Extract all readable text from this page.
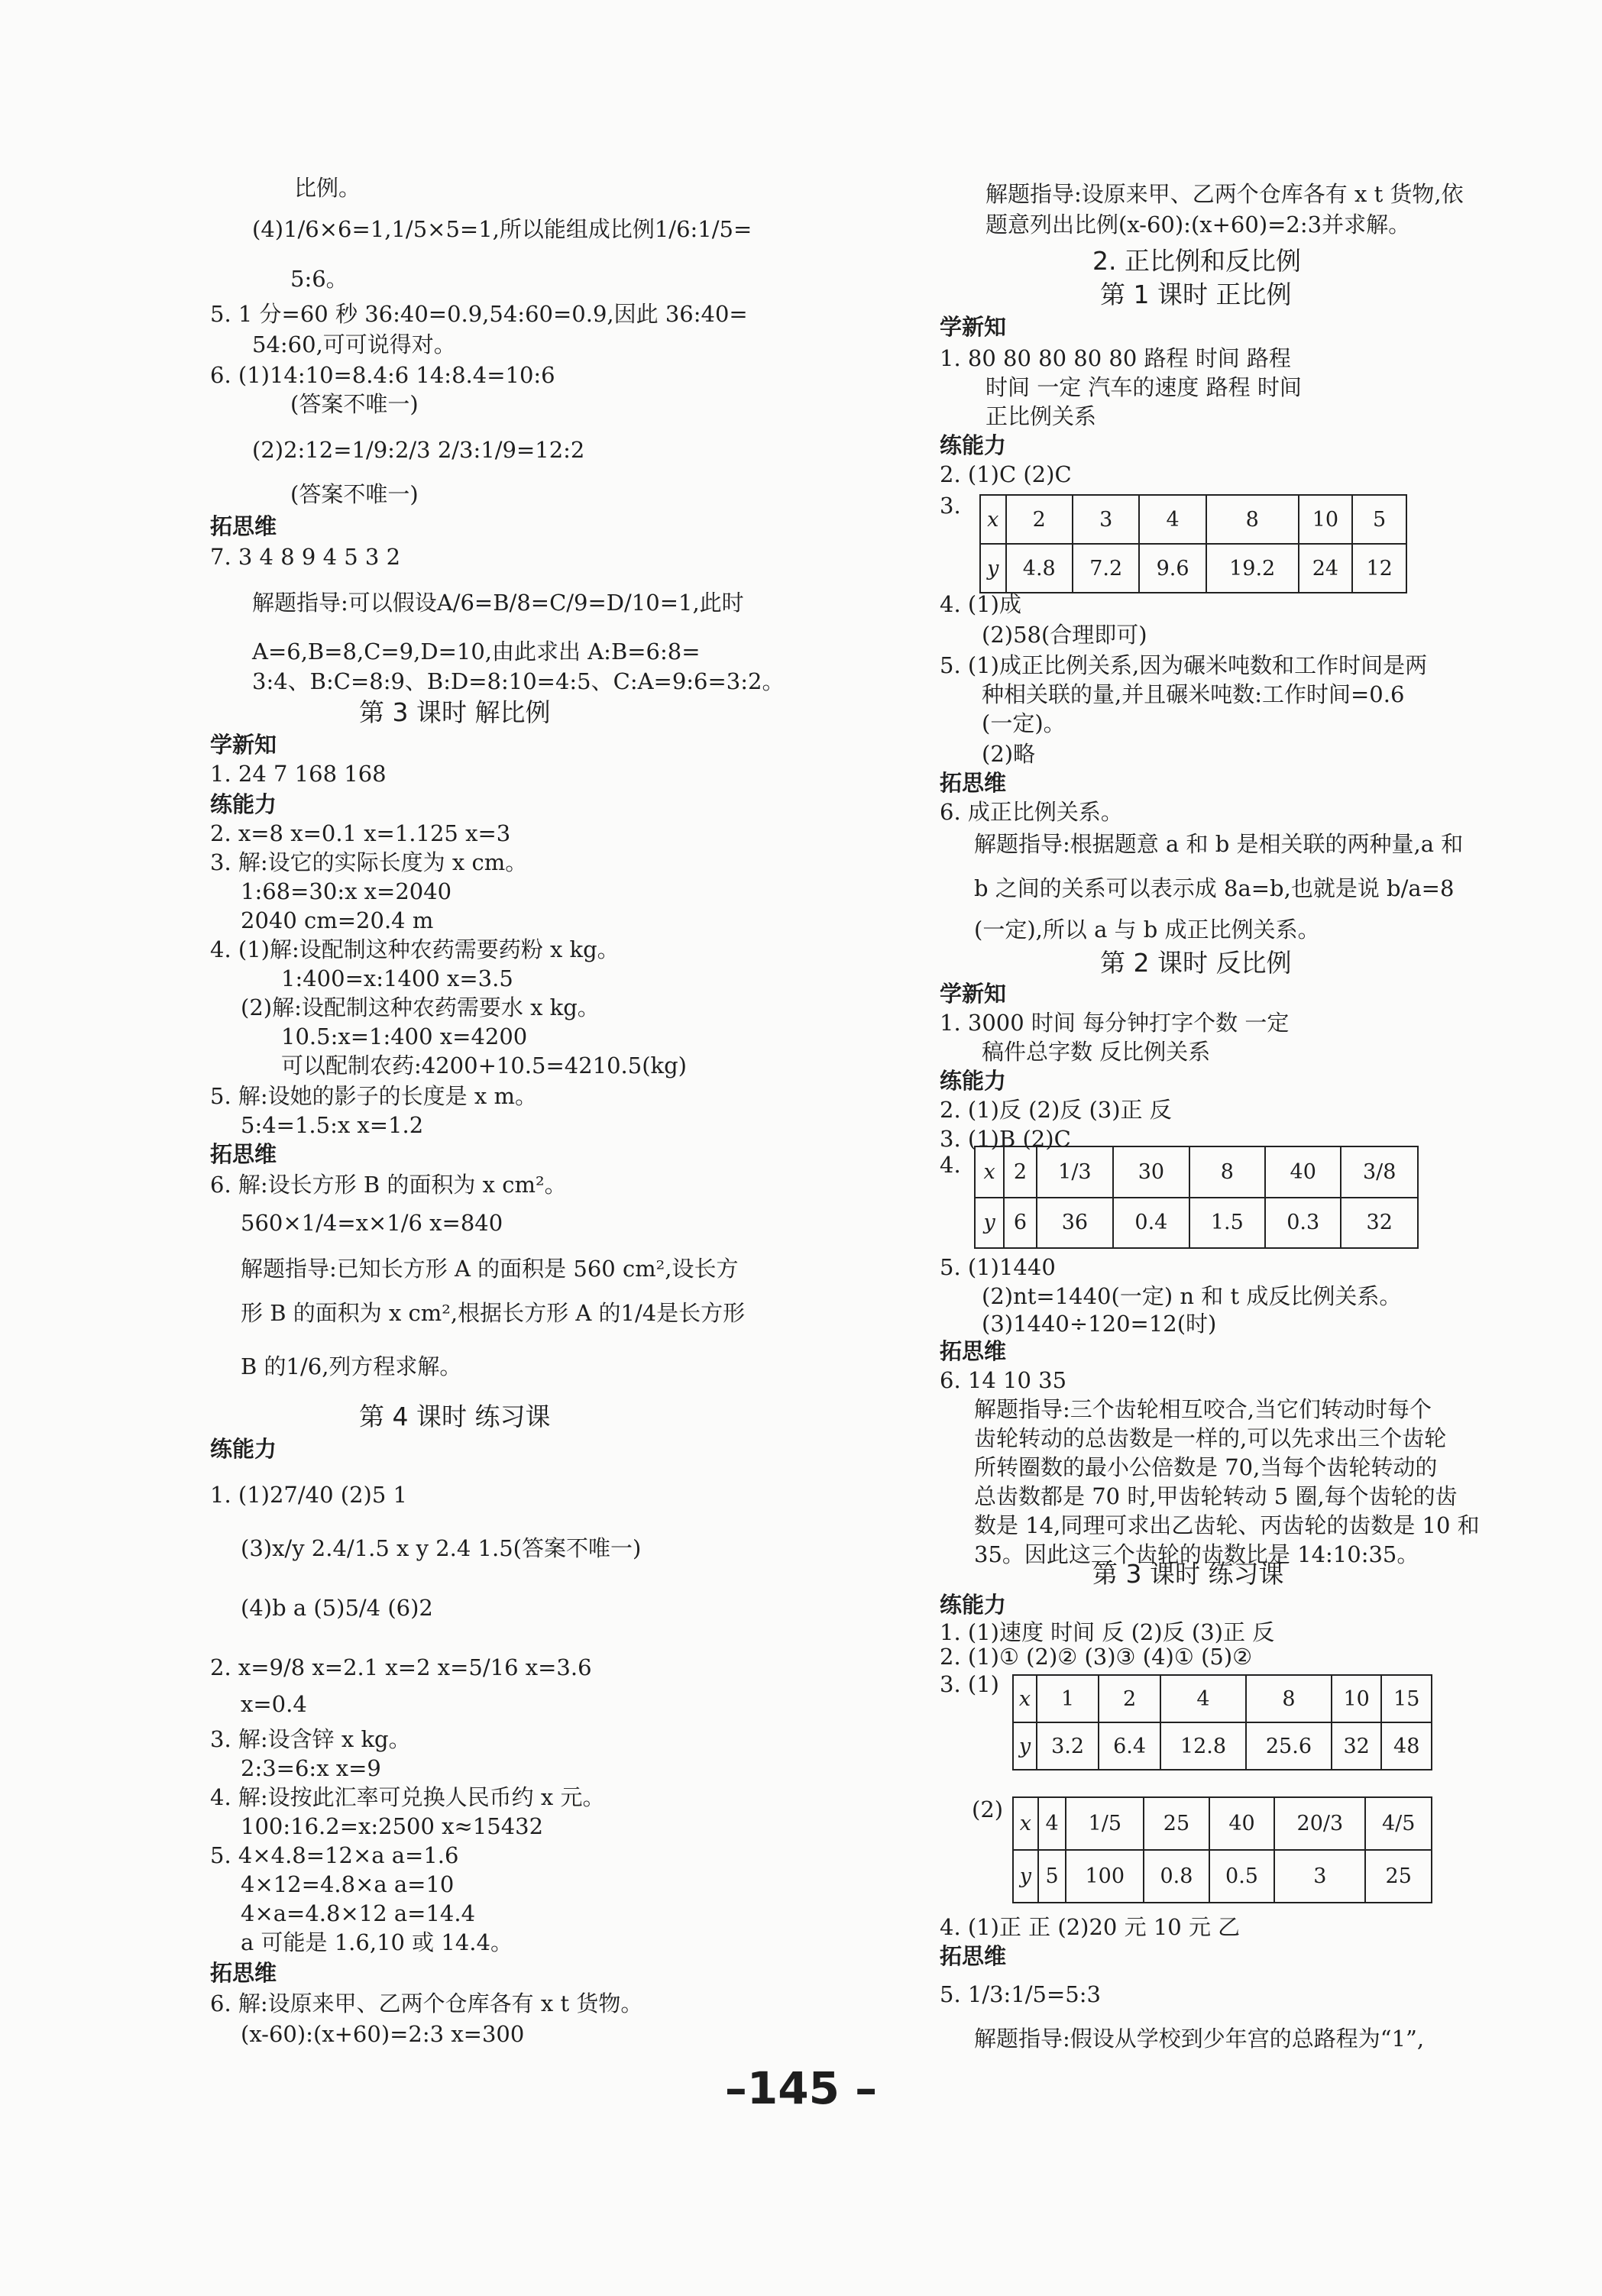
比例。
(4)1/6×6=1,1/5×5=1,所以能组成比例1/6:1/5=
5:6。
5. 1 分=60 秒 36:40=0.9,54:60=0.9,因此 36:40=
54:60,可可说得对。
6. (1)14:10=8.4:6 14:8.4=10:6
(答案不唯一)
(2)2:12=1/9:2/3 2/3:1/9=12:2
(答案不唯一)
拓思维
7. 3 4 8 9 4 5 3 2
解题指导:可以假设A/6=B/8=C/9=D/10=1,此时
A=6,B=8,C=9,D=10,由此求出 A:B=6:8=
3:4、B:C=8:9、B:D=8:10=4:5、C:A=9:6=3:2。
第 3 课时 解比例
学新知
1. 24 7 168 168
练能力
2. x=8 x=0.1 x=1.125 x=3
3. 解:设它的实际长度为 x cm。
1:68=30:x x=2040
2040 cm=20.4 m
4. (1)解:设配制这种农药需要药粉 x kg。
1:400=x:1400 x=3.5
(2)解:设配制这种农药需要水 x kg。
10.5:x=1:400 x=4200
可以配制农药:4200+10.5=4210.5(kg)
5. 解:设她的影子的长度是 x m。
5:4=1.5:x x=1.2
拓思维
6. 解:设长方形 B 的面积为 x cm²。
560×1/4=x×1/6 x=840
解题指导:已知长方形 A 的面积是 560 cm²,设长方
形 B 的面积为 x cm²,根据长方形 A 的1/4是长方形
B 的1/6,列方程求解。
第 4 课时 练习课
练能力
1. (1)27/40 (2)5 1
(3)x/y 2.4/1.5 x y 2.4 1.5(答案不唯一)
(4)b a (5)5/4 (6)2
2. x=9/8 x=2.1 x=2 x=5/16 x=3.6
x=0.4
3. 解:设含锌 x kg。
2:3=6:x x=9
4. 解:设按此汇率可兑换人民币约 x 元。
100:16.2=x:2500 x≈15432
5. 4×4.8=12×a a=1.6
4×12=4.8×a a=10
4×a=4.8×12 a=14.4
a 可能是 1.6,10 或 14.4。
拓思维
6. 解:设原来甲、乙两个仓库各有 x t 货物。
(x-60):(x+60)=2:3 x=300
解题指导:设原来甲、乙两个仓库各有 x t 货物,依
题意列出比例(x-60):(x+60)=2:3并求解。
2. 正比例和反比例
第 1 课时 正比例
学新知
1. 80 80 80 80 80 路程 时间 路程
时间 一定 汽车的速度 路程 时间
正比例关系
练能力
2. (1)C (2)C
3.
x	2	3	4	8	10	5
y	4.8	7.2	9.6	19.2	24	12
4. (1)成
(2)58(合理即可)
5. (1)成正比例关系,因为碾米吨数和工作时间是两
种相关联的量,并且碾米吨数:工作时间=0.6
(一定)。
(2)略
拓思维
6. 成正比例关系。
解题指导:根据题意 a 和 b 是相关联的两种量,a 和
b 之间的关系可以表示成 8a=b,也就是说 b/a=8
(一定),所以 a 与 b 成正比例关系。
第 2 课时 反比例
学新知
1. 3000 时间 每分钟打字个数 一定
稿件总字数 反比例关系
练能力
2. (1)反 (2)反 (3)正 反
3. (1)B (2)C
4. x	2	1/3	30	8	40	3/8
y	6	36	0.4	1.5	0.3	32
5. (1)1440
(2)nt=1440(一定) n 和 t 成反比例关系。
(3)1440÷120=12(时)
拓思维
6. 14 10 35
解题指导:三个齿轮相互咬合,当它们转动时每个
齿轮转动的总齿数是一样的,可以先求出三个齿轮
所转圈数的最小公倍数是 70,当每个齿轮转动的
总齿数都是 70 时,甲齿轮转动 5 圈,每个齿轮的齿
数是 14,同理可求出乙齿轮、丙齿轮的齿数是 10 和
35。因此这三个齿轮的齿数比是 14:10:35。
第 3 课时 练习课
练能力
1. (1)速度 时间 反 (2)反 (3)正 反
2. (1)① (2)② (3)③ (4)① (5)②
3. (1)
x	1	2	4	8	10	15
y	3.2	6.4	12.8	25.6	32	48
(2)
x	4	1/5	25	40	20/3	4/5
y	5	100	0.8	0.5	3	25
4. (1)正 正 (2)20 元 10 元 乙
拓思维
5. 1/3:1/5=5:3
解题指导:假设从学校到少年宫的总路程为“1”,
–145 –
